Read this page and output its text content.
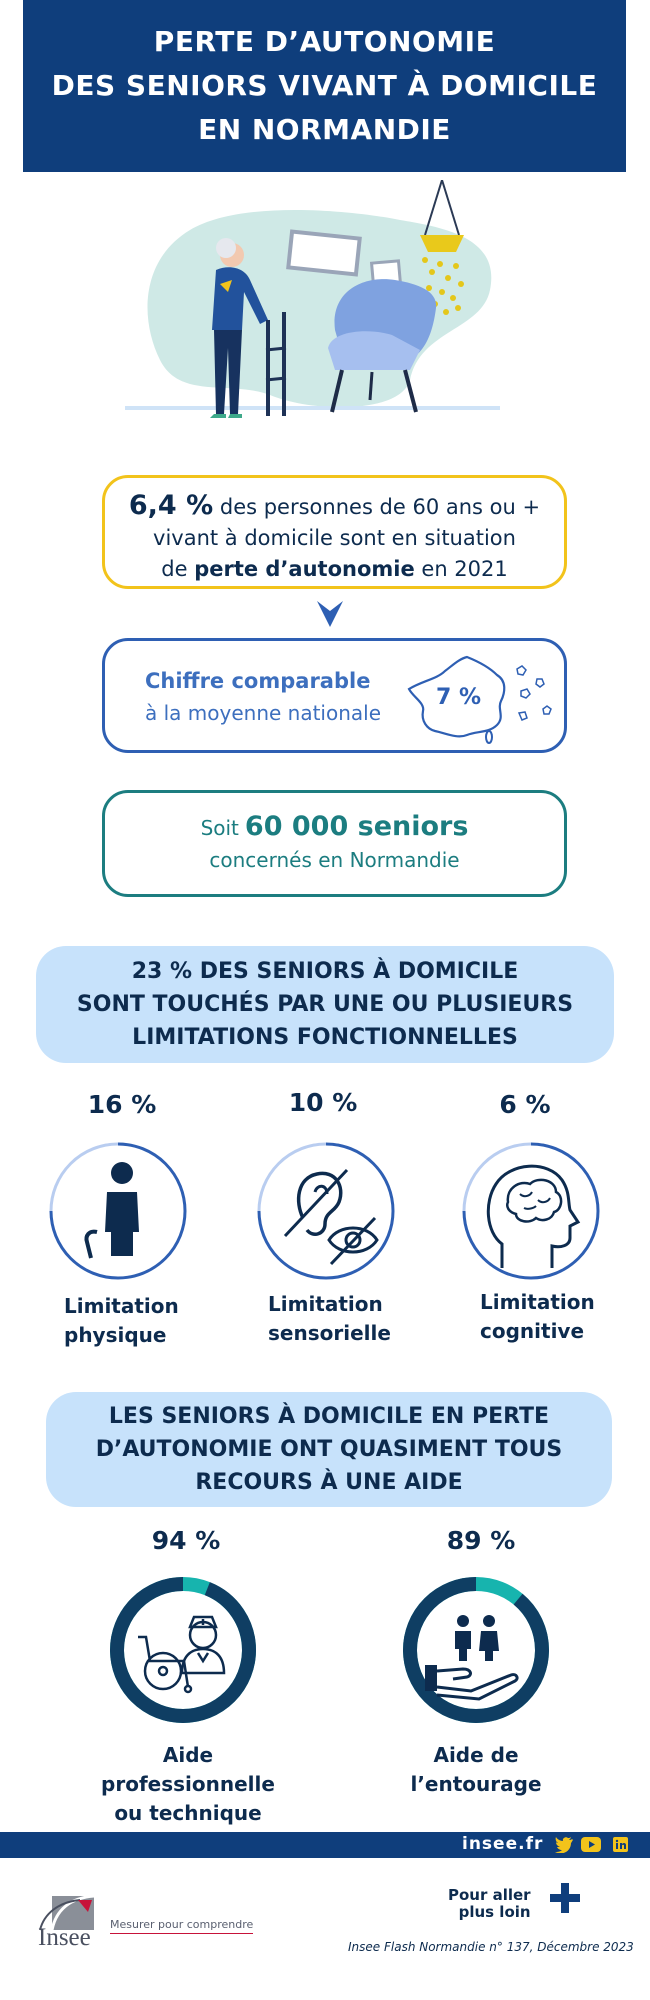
PERTE D’AUTONOMIE
DES SENIORS VIVANT À DOMICILE
EN NORMANDIE
6,4 % des personnes de 60 ans ou +
vivant à domicile sont en situation
de perte d’autonomie en 2021
Chiffre comparable
à la moyenne nationale
7 %
Soit 60 000 seniors
concernés en Normandie
23 % DES SENIORS À DOMICILE
SONT TOUCHÉS PAR UNE OU PLUSIEURS
LIMITATIONS FONCTIONNELLES
16 %
Limitation
physique
10 %
Limitation
sensorielle
6 %
Limitation
cognitive
LES SENIORS À DOMICILE EN PERTE
D’AUTONOMIE ONT QUASIMENT TOUS
RECOURS À UNE AIDE
94 %
Aide professionnelle
ou technique
89 %
Aide de
l’entourage
insee.fr
Pour aller
plus loin
Insee Mesurer pour comprendre
Insee Flash Normandie n° 137, Décembre 2023
